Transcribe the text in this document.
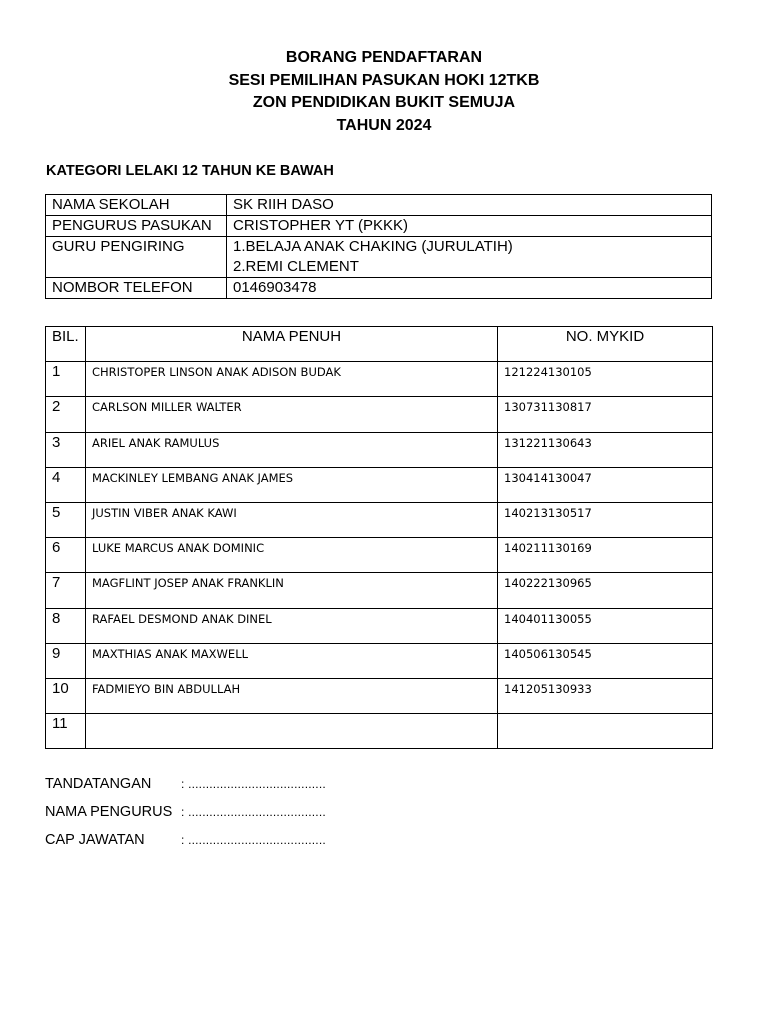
BORANG PENDAFTARAN
SESI PEMILIHAN PASUKAN HOKI 12TKB
ZON PENDIDIKAN BUKIT SEMUJA
TAHUN 2024
KATEGORI LELAKI 12 TAHUN KE BAWAH
NAMA SEKOLAH	SK RIIH DASO
PENGURUS PASUKAN	CRISTOPHER YT (PKKK)
GURU PENGIRING	1.BELAJA ANAK CHAKING (JURULATIH)
2.REMI CLEMENT

NOMBOR TELEFON	0146903478
BIL.	NAMA PENUH	NO. MYKID
1	CHRISTOPER LINSON ANAK ADISON BUDAK	121224130105
2	CARLSON MILLER WALTER	130731130817
3	ARIEL ANAK RAMULUS	131221130643
4	MACKINLEY LEMBANG ANAK JAMES	130414130047
5	JUSTIN VIBER ANAK KAWI	140213130517
6	LUKE MARCUS ANAK DOMINIC	140211130169
7	MAGFLINT JOSEP ANAK FRANKLIN	140222130965
8	RAFAEL DESMOND ANAK DINEL	140401130055
9	MAXTHIAS ANAK MAXWELL	140506130545
10	FADMIEYO BIN ABDULLAH	141205130933
11		
TANDATANGAN : .......................................
NAMA PENGURUS : .......................................
CAP JAWATAN	: .......................................
